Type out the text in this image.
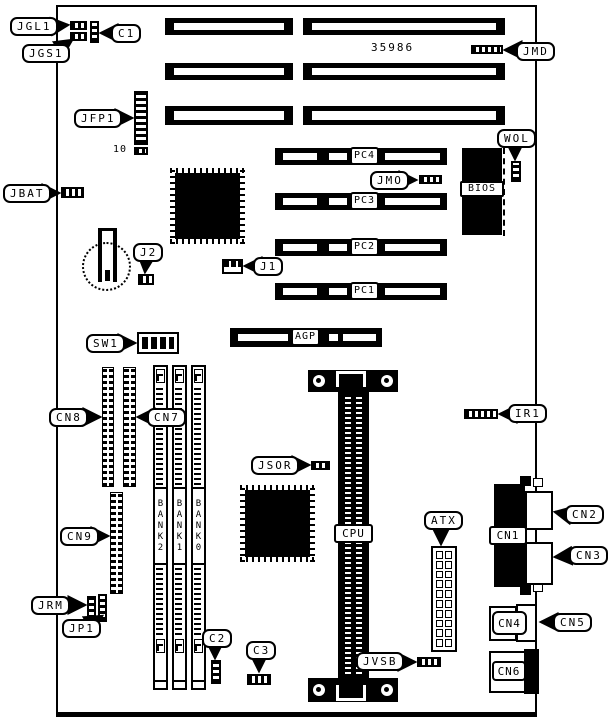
35986
PC4
PC3
PC2
PC1
AGP
BIOS
CPU
BANK2 BANK1 BANK0	CN1
CN4
CN6
10
JGL1
JGS1
C1
JFP1
JBAT
J2
J1
SW1
CN8	CN7
CN9
JRM
JP1
C2
C3
JMD
JMO
WOL
JSOR
IR1
CN2
CN3
CN5
ATX
JVSB
